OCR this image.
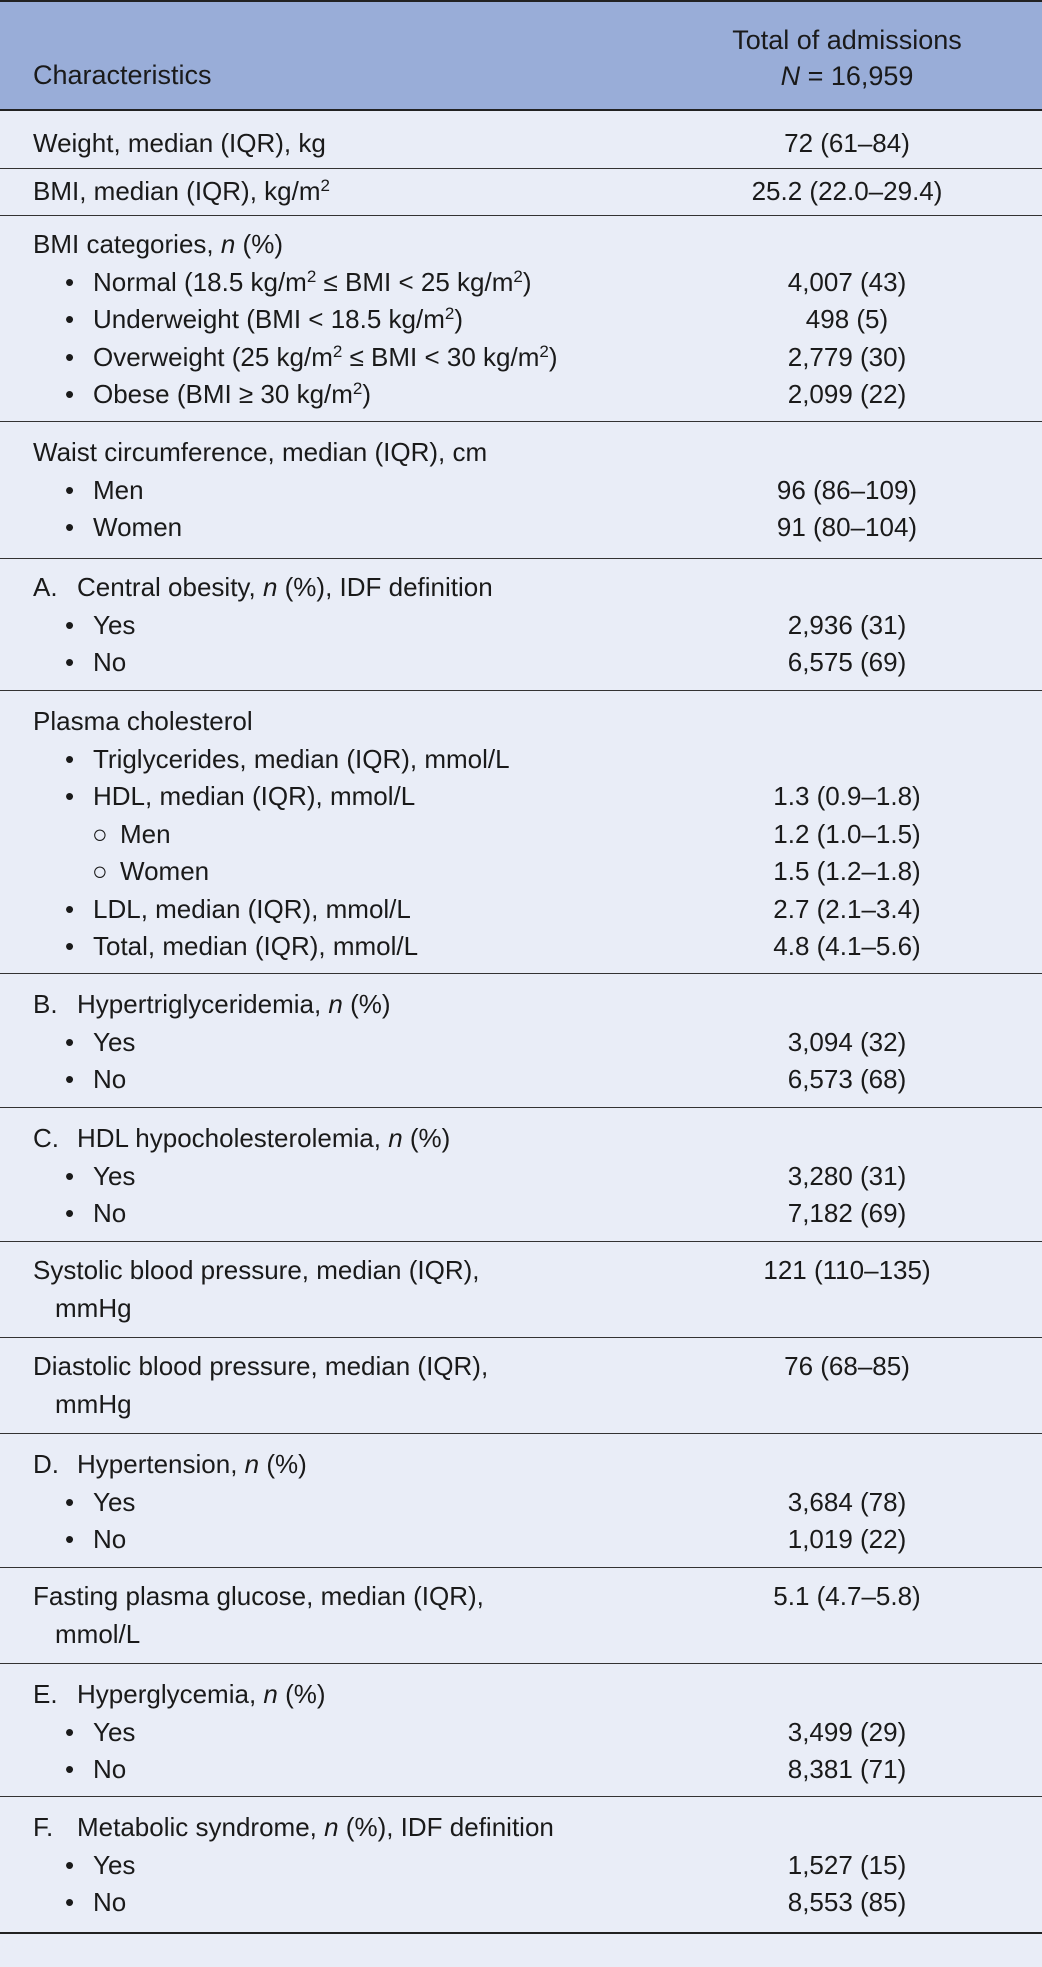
Characteristics
Total of admissions
N = 16,959
Weight, median (IQR), kg	72 (61–84)
BMI, median (IQR), $kg/m^2$	25.2 (22.0–29.4)
BMI categories, n (%)
• Normal (18.5 $kg/m^2$ ≤ BMI < 25 $kg/m^2$)	4,007 (43)
• Underweight (BMI < 18.5 $kg/m^2$)	498 (5)
• Overweight (25 $kg/m^2$ ≤ BMI < 30 $kg/m^2$)	2,779 (30)
• Obese (BMI ≥ 30 $kg/m^2$)	2,099 (22)
Waist circumference, median (IQR), cm
• Men	96 (86–109)
• Women	91 (80–104)
A. Central obesity, n (%), IDF definition
• Yes	2,936 (31)
• No	6,575 (69)
Plasma cholesterol
• Triglycerides, median (IQR), mmol/L
• HDL, median (IQR), mmol/L	1.3 (0.9–1.8)
○ Men	1.2 (1.0–1.5)
○ Women	1.5 (1.2–1.8)
• LDL, median (IQR), mmol/L	2.7 (2.1–3.4)
• Total, median (IQR), mmol/L	4.8 (4.1–5.6)
B. Hypertriglyceridemia, n (%)
• Yes	3,094 (32)
• No	6,573 (68)
C. HDL hypocholesterolemia, n (%)
• Yes	3,280 (31)
• No	7,182 (69)
Systolic blood pressure, median (IQR),	121 (110–135)
mmHg
Diastolic blood pressure, median (IQR),	76 (68–85)
mmHg
D. Hypertension, n (%)
• Yes	3,684 (78)
• No	1,019 (22)
Fasting plasma glucose, median (IQR),	5.1 (4.7–5.8)
mmol/L
E. Hyperglycemia, n (%)
• Yes	3,499 (29)
• No	8,381 (71)
F. Metabolic syndrome, n (%), IDF definition
• Yes	1,527 (15)
• No	8,553 (85)
